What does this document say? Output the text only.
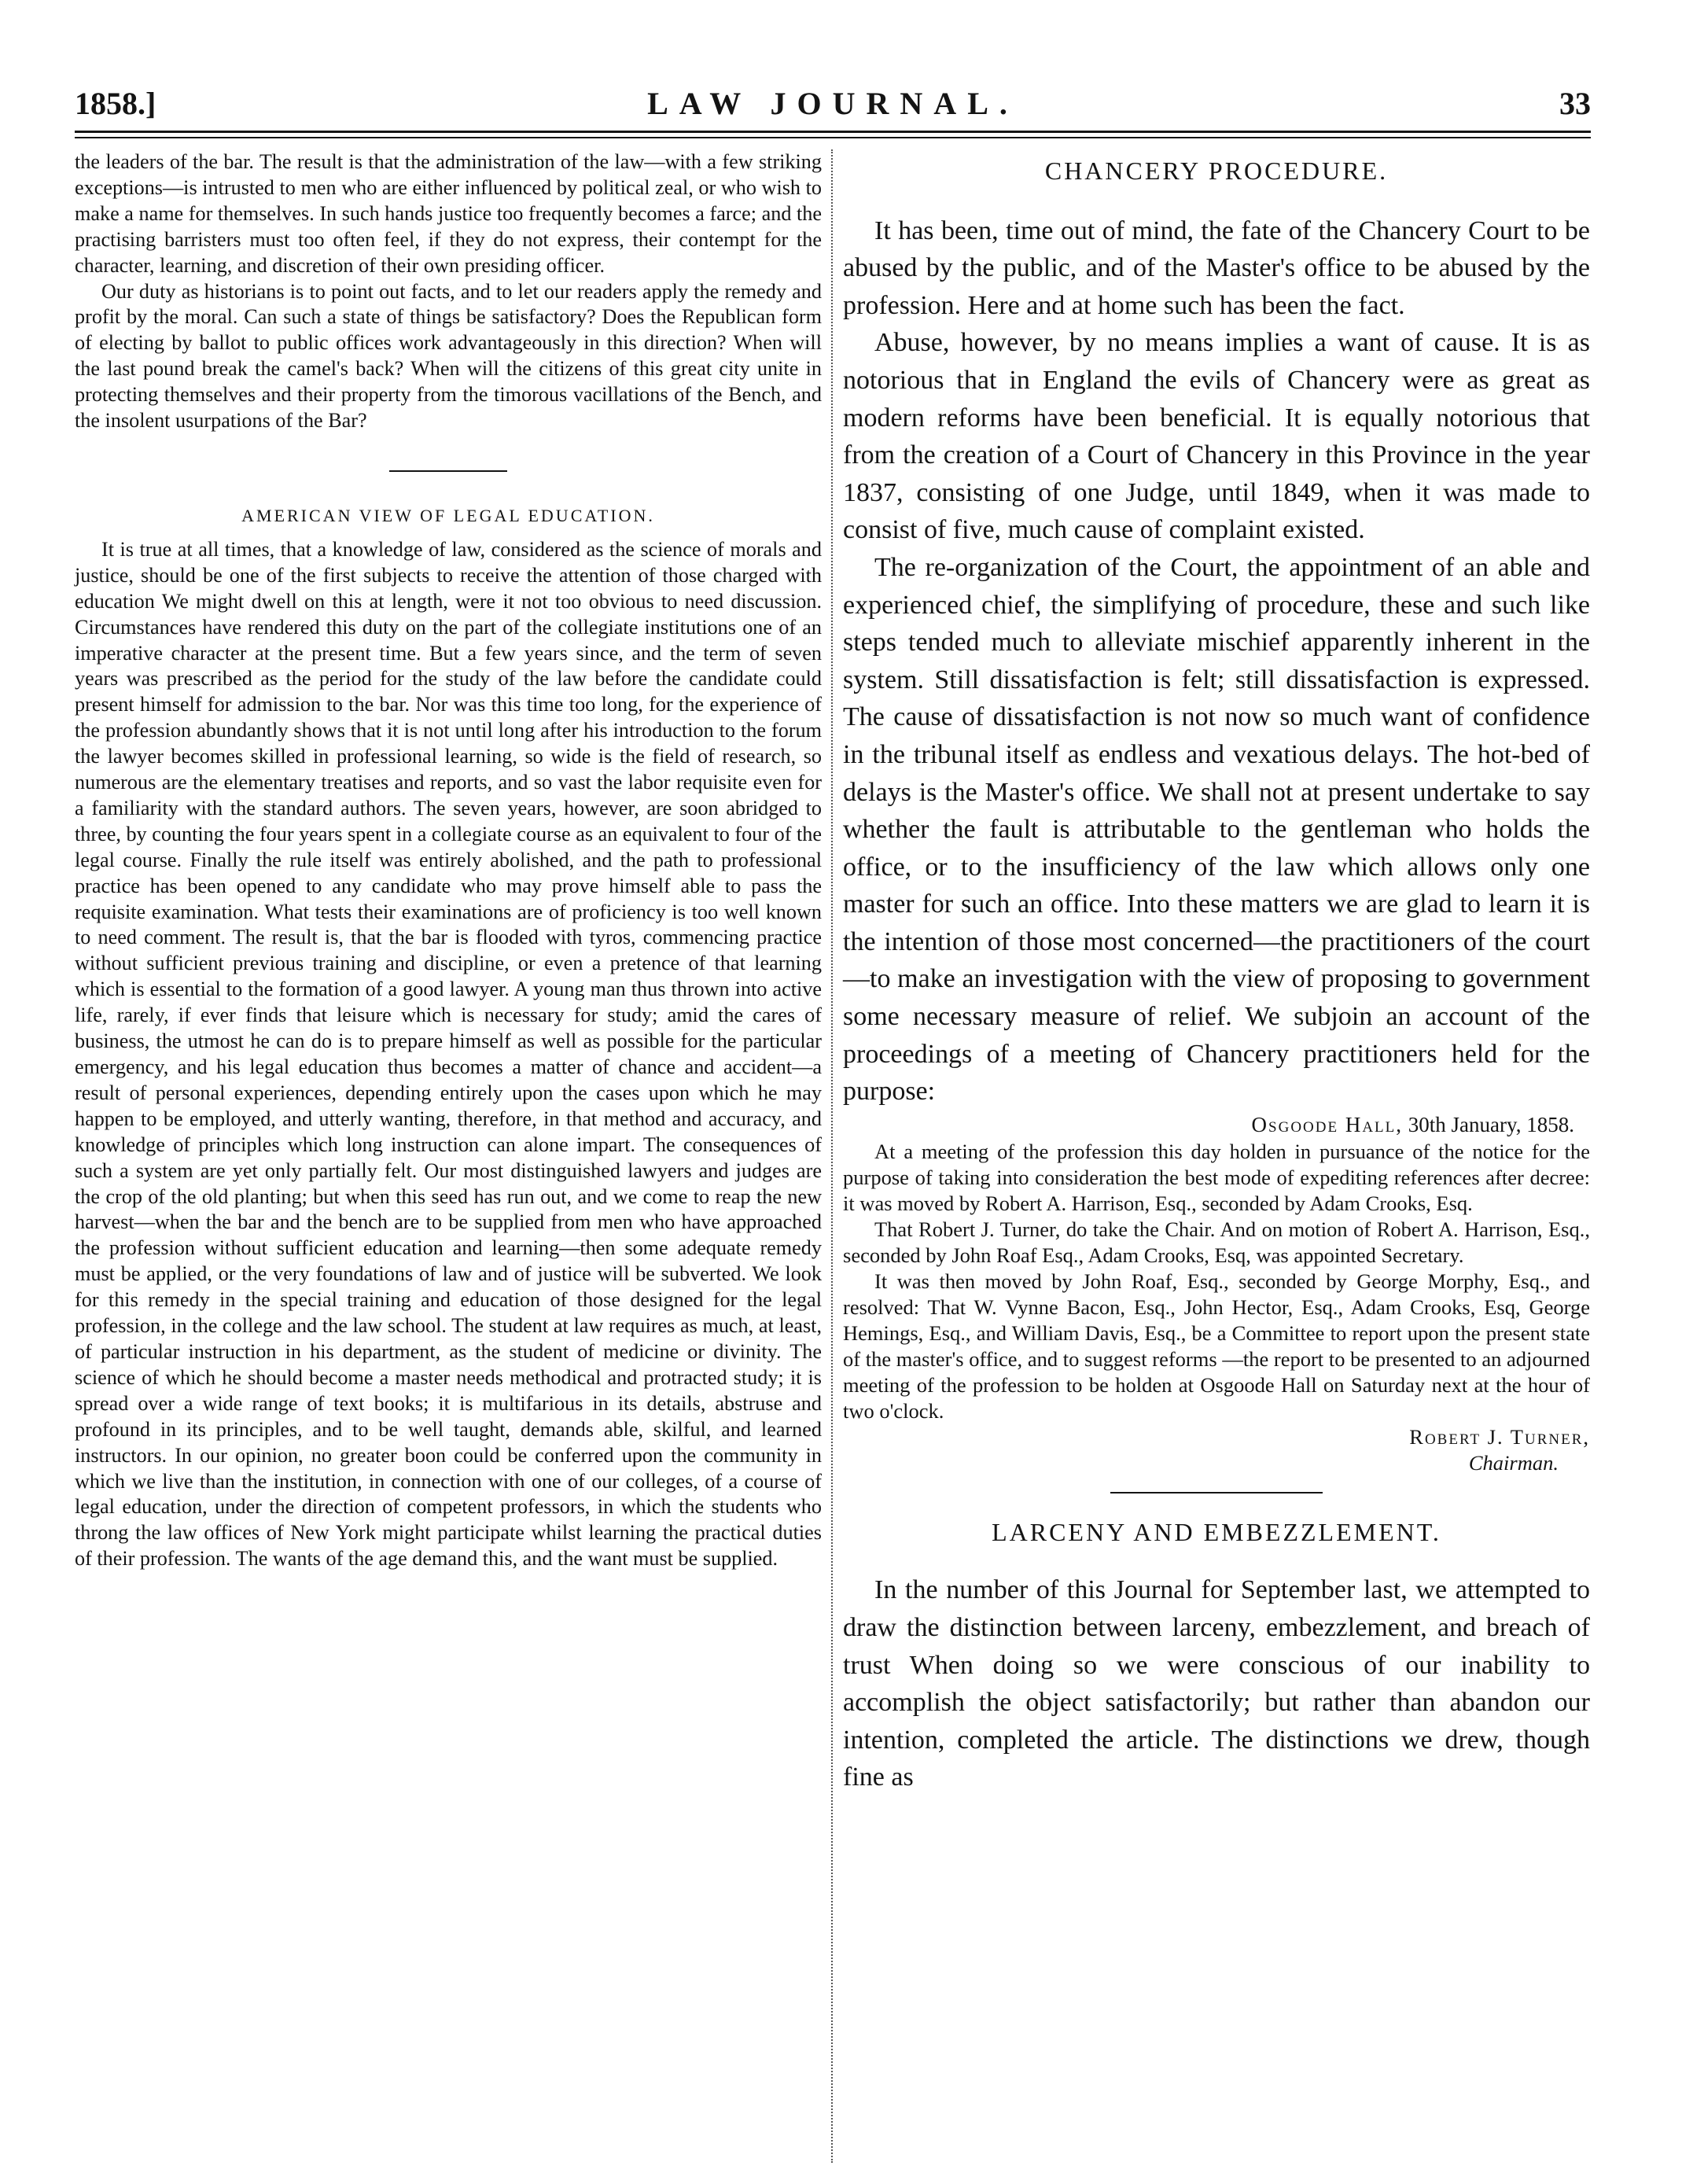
1858.]	LAW JOURNAL.	33

the leaders of the bar. The result is that the administration of the law—with a few striking exceptions—is intrusted to men who are either influenced by political zeal, or who wish to make a name for themselves. In such hands justice too frequently becomes a farce; and the practising barristers must too often feel, if they do not express, their contempt for the character, learning, and discretion of their own presiding officer.

Our duty as historians is to point out facts, and to let our readers apply the remedy and profit by the moral. Can such a state of things be satisfactory? Does the Republican form of electing by ballot to public offices work advantageously in this direction? When will the last pound break the camel's back? When will the citizens of this great city unite in protecting themselves and their property from the timorous vacillations of the Bench, and the insolent usurpations of the Bar?

AMERICAN VIEW OF LEGAL EDUCATION.

It is true at all times, that a knowledge of law, considered as the science of morals and justice, should be one of the first subjects to receive the attention of those charged with education We might dwell on this at length, were it not too obvious to need discussion. Circumstances have rendered this duty on the part of the collegiate institutions one of an imperative character at the present time. But a few years since, and the term of seven years was prescribed as the period for the study of the law before the candidate could present himself for admission to the bar. Nor was this time too long, for the experience of the profession abundantly shows that it is not until long after his introduction to the forum the lawyer becomes skilled in professional learning, so wide is the field of research, so numerous are the elementary treatises and reports, and so vast the labor requisite even for a familiarity with the standard authors. The seven years, however, are soon abridged to three, by counting the four years spent in a collegiate course as an equivalent to four of the legal course. Finally the rule itself was entirely abolished, and the path to professional practice has been opened to any candidate who may prove himself able to pass the requisite examination. What tests their examinations are of proficiency is too well known to need comment. The result is, that the bar is flooded with tyros, commencing practice without sufficient previous training and discipline, or even a pretence of that learning which is essential to the formation of a good lawyer. A young man thus thrown into active life, rarely, if ever finds that leisure which is necessary for study; amid the cares of business, the utmost he can do is to prepare himself as well as possible for the particular emergency, and his legal education thus becomes a matter of chance and accident—a result of personal experiences, depending entirely upon the cases upon which he may happen to be employed, and utterly wanting, therefore, in that method and accuracy, and knowledge of principles which long instruction can alone impart. The consequences of such a system are yet only partially felt. Our most distinguished lawyers and judges are the crop of the old planting; but when this seed has run out, and we come to reap the new harvest—when the bar and the bench are to be supplied from men who have approached the profession without sufficient education and learning—then some adequate remedy must be applied, or the very foundations of law and of justice will be subverted. We look for this remedy in the special training and education of those designed for the legal profession, in the college and the law school. The student at law requires as much, at least, of particular instruction in his department, as the student of medicine or divinity. The science of which he should become a master needs methodical and protracted study; it is spread over a wide range of text books; it is multifarious in its details, abstruse and profound in its principles, and to be well taught, demands able, skilful, and learned instructors. In our opinion, no greater boon could be conferred upon the community in which we live than the institution, in connection with one of our colleges, of a course of legal education, under the direction of competent professors, in which the students who throng the law offices of New York might participate whilst learning the practical duties of their profession. The wants of the age demand this, and the want must be supplied.

CHANCERY PROCEDURE.

It has been, time out of mind, the fate of the Chancery Court to be abused by the public, and of the Master's office to be abused by the profession. Here and at home such has been the fact.

Abuse, however, by no means implies a want of cause. It is as notorious that in England the evils of Chancery were as great as modern reforms have been beneficial. It is equally notorious that from the creation of a Court of Chancery in this Province in the year 1837, consisting of one Judge, until 1849, when it was made to consist of five, much cause of complaint existed.

The re-organization of the Court, the appointment of an able and experienced chief, the simplifying of procedure, these and such like steps tended much to alleviate mischief apparently inherent in the system. Still dissatisfaction is felt; still dissatisfaction is expressed. The cause of dissatisfaction is not now so much want of confidence in the tribunal itself as endless and vexatious delays. The hot-bed of delays is the Master's office. We shall not at present undertake to say whether the fault is attributable to the gentleman who holds the office, or to the insufficiency of the law which allows only one master for such an office. Into these matters we are glad to learn it is the intention of those most concerned—the practitioners of the court—to make an investigation with the view of proposing to government some necessary measure of relief. We subjoin an account of the proceedings of a meeting of Chancery practitioners held for the purpose:

Osgoode Hall, 30th January, 1858.

At a meeting of the profession this day holden in pursuance of the notice for the purpose of taking into consideration the best mode of expediting references after decree: it was moved by Robert A. Harrison, Esq., seconded by Adam Crooks, Esq.

That Robert J. Turner, do take the Chair. And on motion of Robert A. Harrison, Esq., seconded by John Roaf Esq., Adam Crooks, Esq, was appointed Secretary.

It was then moved by John Roaf, Esq., seconded by George Morphy, Esq., and resolved: That W. Vynne Bacon, Esq., John Hector, Esq., Adam Crooks, Esq, George Hemings, Esq., and William Davis, Esq., be a Committee to report upon the present state of the master's office, and to suggest reforms —the report to be presented to an adjourned meeting of the profession to be holden at Osgoode Hall on Saturday next at the hour of two o'clock.

Robert J. Turner,
Chairman.

LARCENY AND EMBEZZLEMENT.

In the number of this Journal for September last, we attempted to draw the distinction between larceny, embezzlement, and breach of trust When doing so we were conscious of our inability to accomplish the object satisfactorily; but rather than abandon our intention, completed the article. The distinctions we drew, though fine as
